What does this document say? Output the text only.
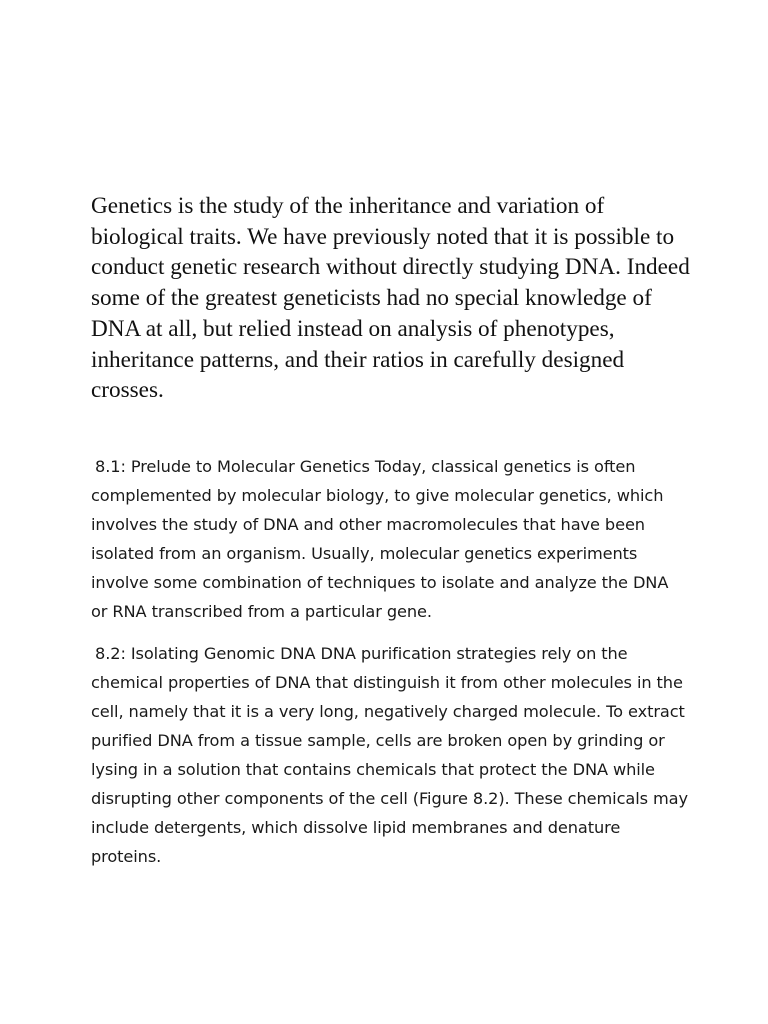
Genetics is the study of the inheritance and variation of biological traits. We have previously noted that it is possible to conduct genetic research without directly studying DNA. Indeed some of the greatest geneticists had no special knowledge of DNA at all, but relied instead on analysis of phenotypes, inheritance patterns, and their ratios in carefully designed crosses.

8.1: Prelude to Molecular Genetics Today, classical genetics is often complemented by molecular biology, to give molecular genetics, which involves the study of DNA and other macromolecules that have been isolated from an organism. Usually, molecular genetics experiments involve some combination of techniques to isolate and analyze the DNA or RNA transcribed from a particular gene.

8.2: Isolating Genomic DNA DNA purification strategies rely on the chemical properties of DNA that distinguish it from other molecules in the cell, namely that it is a very long, negatively charged molecule. To extract purified DNA from a tissue sample, cells are broken open by grinding or lysing in a solution that contains chemicals that protect the DNA while disrupting other components of the cell (Figure 8.2). These chemicals may include detergents, which dissolve lipid membranes and denature proteins.
